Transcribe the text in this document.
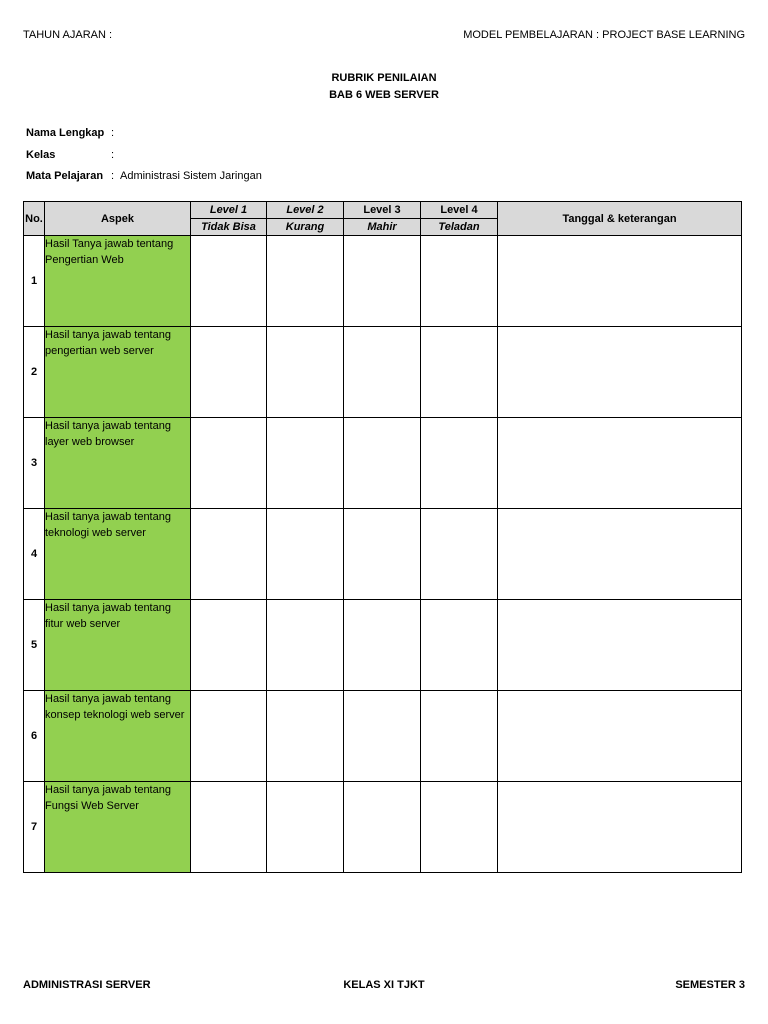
TAHUN AJARAN :	MODEL PEMBELAJARAN : PROJECT BASE LEARNING
RUBRIK PENILAIAN
BAB 6 WEB SERVER
Nama Lengkap :
Kelas	:
Mata Pelajaran : Administrasi Sistem Jaringan
No.	Aspek	Level 1	Level 2	Level 3	Level 4	Tanggal & keterangan
		Tidak Bisa	Kurang	Mahir	Teladan	
1	Hasil Tanya jawab tentang Pengertian Web					
2	Hasil tanya jawab tentang pengertian web server					
3	Hasil tanya jawab tentang layer web browser					
4	Hasil tanya jawab tentang teknologi web server					
5	Hasil tanya jawab tentang fitur web server					
6	Hasil tanya jawab tentang konsep teknologi web server					
7	Hasil tanya jawab tentang Fungsi Web Server					
ADMINISTRASI SERVER	KELAS XI TJKT	SEMESTER 3
